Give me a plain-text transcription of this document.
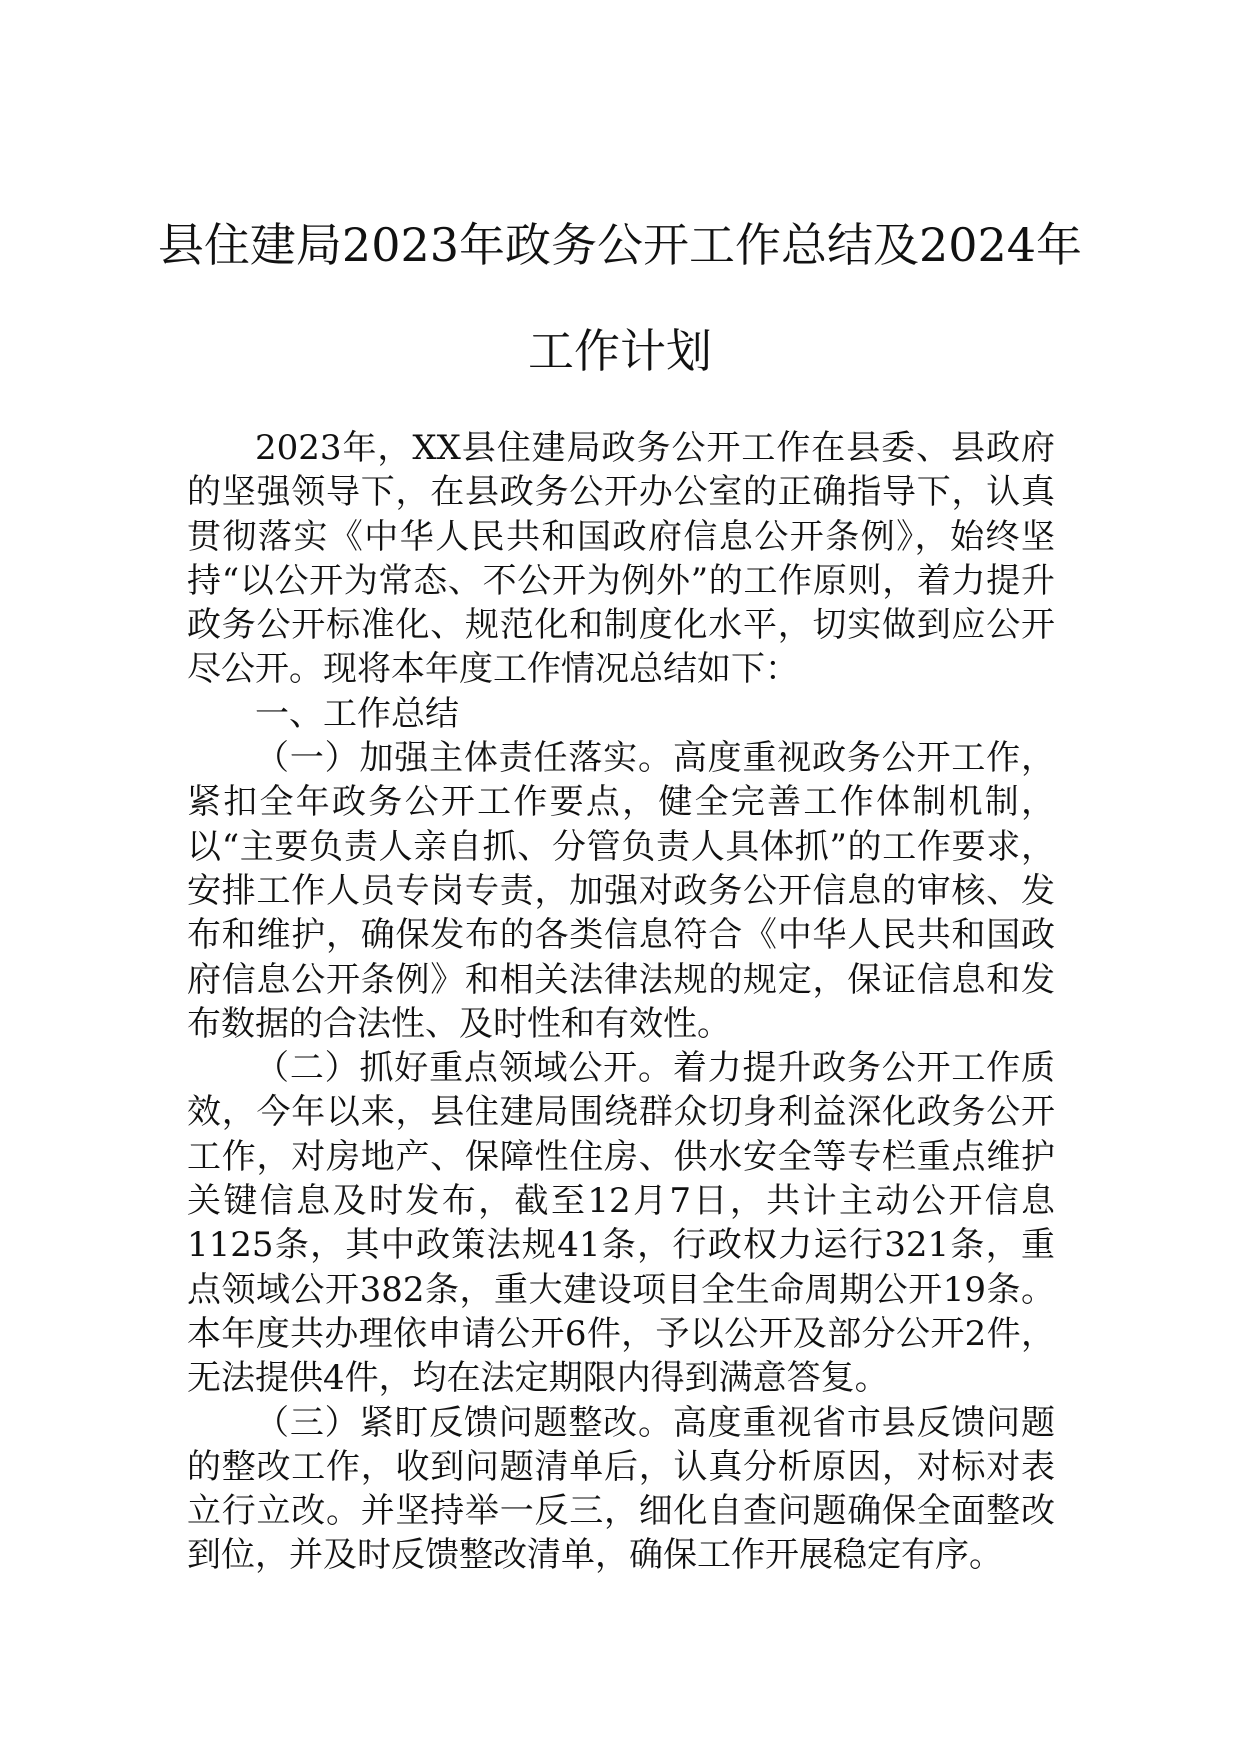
县住建局2023年政务公开工作总结及2024年工作计划

2023年，XX县住建局政务公开工作在县委、县政府的坚强领导下，在县政务公开办公室的正确指导下，认真贯彻落实《中华人民共和国政府信息公开条例》，始终坚持“以公开为常态、不公开为例外”的工作原则，着力提升政务公开标准化、规范化和制度化水平，切实做到应公开尽公开。现将本年度工作情况总结如下：

一、工作总结

（一）加强主体责任落实。高度重视政务公开工作，紧扣全年政务公开工作要点，健全完善工作体制机制，以“主要负责人亲自抓、分管负责人具体抓”的工作要求，安排工作人员专岗专责，加强对政务公开信息的审核、发布和维护，确保发布的各类信息符合《中华人民共和国政府信息公开条例》和相关法律法规的规定，保证信息和发布数据的合法性、及时性和有效性。

（二）抓好重点领域公开。着力提升政务公开工作质效，今年以来，县住建局围绕群众切身利益深化政务公开工作，对房地产、保障性住房、供水安全等专栏重点维护关键信息及时发布，截至12月7日，共计主动公开信息1125条，其中政策法规41条，行政权力运行321条，重点领域公开382条，重大建设项目全生命周期公开19条。本年度共办理依申请公开6件，予以公开及部分公开2件，无法提供4件，均在法定期限内得到满意答复。

（三）紧盯反馈问题整改。高度重视省市县反馈问题的整改工作，收到问题清单后，认真分析原因，对标对表立行立改。并坚持举一反三，细化自查问题确保全面整改到位，并及时反馈整改清单，确保工作开展稳定有序。
